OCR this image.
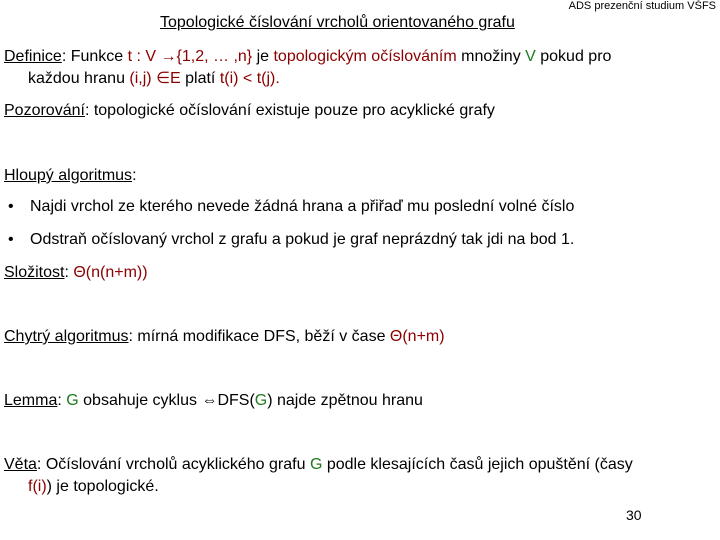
ADS prezenční studium VŠFS
Topologické číslování vrcholů orientovaného grafu
Definice: Funkce t : V →{1,2, … ,n} je topologickým očíslováním množiny V pokud pro
každou hranu (i,j) ∈E platí t(i) < t(j).
Pozorování: topologické očíslování existuje pouze pro acyklické grafy
Hloupý algoritmus:
• Najdi vrchol ze kterého nevede žádná hrana a přiřaď mu poslední volné číslo
• Odstraň očíslovaný vrchol z grafu a pokud je graf neprázdný tak jdi na bod 1.
Složitost: Θ(n(n+m))
Chytrý algoritmus: mírná modifikace DFS, běží v čase Θ(n+m)
Lemma: G obsahuje cyklus ⇔DFS(G) najde zpětnou hranu
Věta: Očíslování vrcholů acyklického grafu G podle klesajících časů jejich opuštění (časy
f(i)) je topologické.
30
